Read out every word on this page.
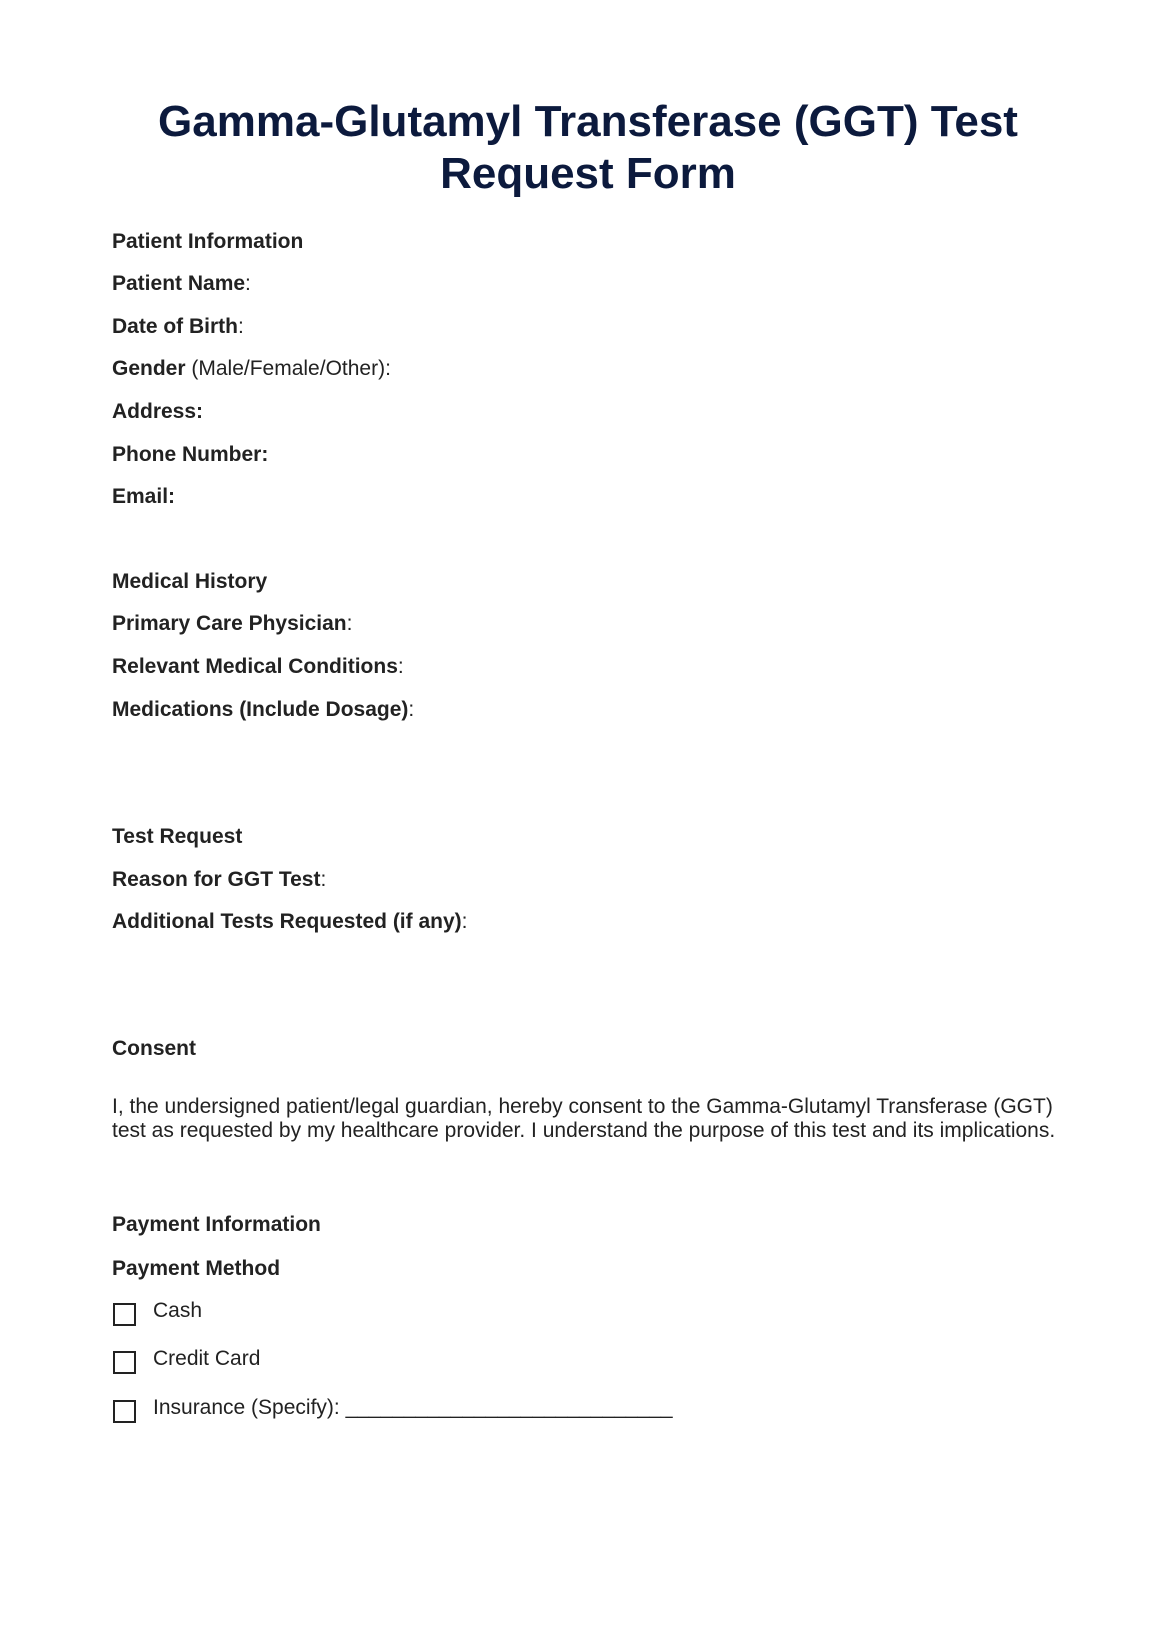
Gamma-Glutamyl Transferase (GGT) Test Request Form
Patient Information
Patient Name:
Date of Birth:
Gender (Male/Female/Other):
Address:
Phone Number:
Email:
Medical History
Primary Care Physician:
Relevant Medical Conditions:
Medications (Include Dosage):
Test Request
Reason for GGT Test:
Additional Tests Requested (if any):
Consent
I, the undersigned patient/legal guardian, hereby consent to the Gamma-Glutamyl Transferase (GGT) test as requested by my healthcare provider. I understand the purpose of this test and its implications.
Payment Information
Payment Method
Cash
Credit Card
Insurance (Specify): ____________________________
